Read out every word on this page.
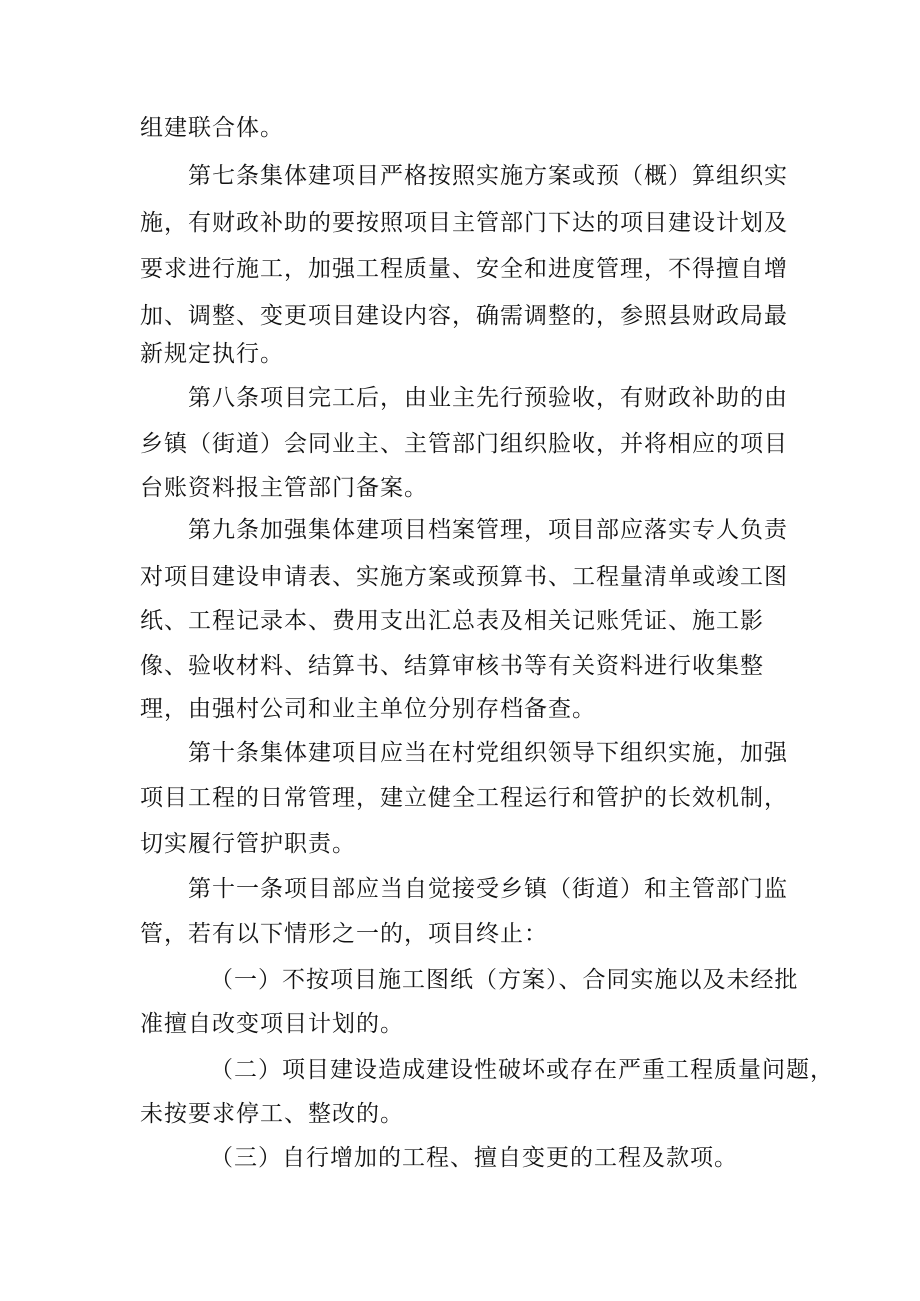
组建联合体。
第七条集体建项目严格按照实施方案或预（概）算组织实
施，有财政补助的要按照项目主管部门下达的项目建设计划及
要求进行施工，加强工程质量、安全和进度管理，不得擅自增
加、调整、变更项目建设内容，确需调整的，参照县财政局最
新规定执行。
第八条项目完工后，由业主先行预验收，有财政补助的由
乡镇（街道）会同业主、主管部门组织脸收，并将相应的项目
台账资料报主管部门备案。
第九条加强集体建项目档案管理，项目部应落实专人负责
对项目建设申请表、实施方案或预算书、工程量清单或竣工图
纸、工程记录本、费用支出汇总表及相关记账凭证、施工影
像、验收材料、结算书、结算审核书等有关资料进行收集整
理，由强村公司和业主单位分别存档备查。
第十条集体建项目应当在村党组织领导下组织实施，加强
项目工程的日常管理，建立健全工程运行和管护的长效机制，
切实履行管护职责。
第十一条项目部应当自觉接受乡镇（街道）和主管部门监
管，若有以下情形之一的，项目终止：
（一）不按项目施工图纸（方案）、合同实施以及未经批
准擅自改变项目计划的。
（二）项目建设造成建设性破坏或存在严重工程质量问题，
未按要求停工、整改的。
（三）自行增加的工程、擅自变更的工程及款项。
